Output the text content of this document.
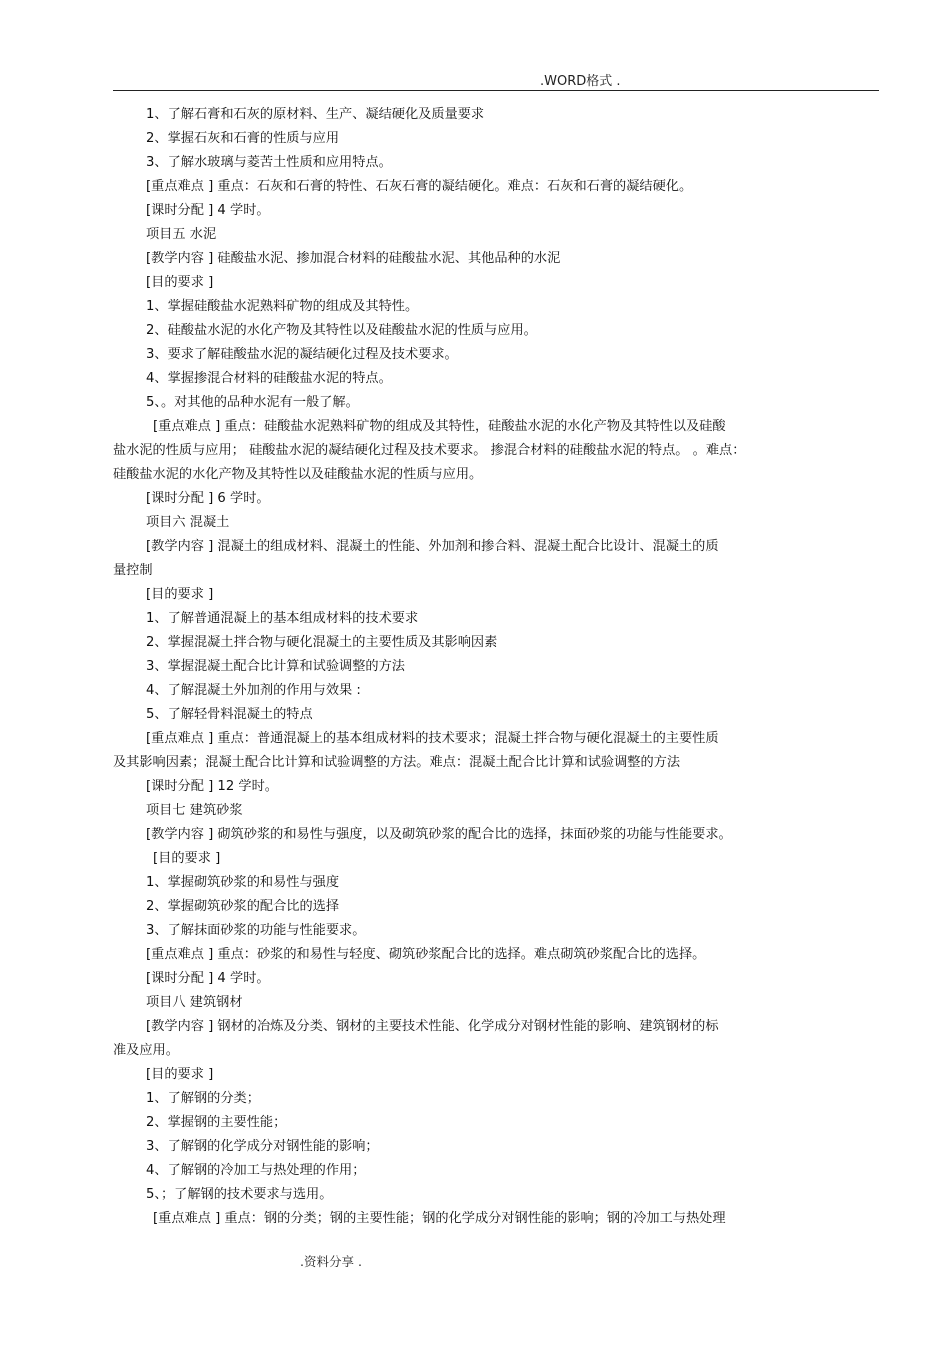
.WORD格式 .
1、了解石膏和石灰的原材料、生产、凝结硬化及质量要求
2、掌握石灰和石膏的性质与应用
3、了解水玻璃与菱苦土性质和应用特点。
[重点难点 ] 重点：石灰和石膏的特性、石灰石膏的凝结硬化。难点：石灰和石膏的凝结硬化。
[课时分配 ] 4 学时。
项目五 水泥
[教学内容 ] 硅酸盐水泥、掺加混合材料的硅酸盐水泥、其他品种的水泥
[目的要求 ]
1、掌握硅酸盐水泥熟料矿物的组成及其特性。
2、硅酸盐水泥的水化产物及其特性以及硅酸盐水泥的性质与应用。
3、要求了解硅酸盐水泥的凝结硬化过程及技术要求。
4、掌握掺混合材料的硅酸盐水泥的特点。
5、。对其他的品种水泥有一般了解。
[重点难点 ] 重点：硅酸盐水泥熟料矿物的组成及其特性，硅酸盐水泥的水化产物及其特性以及硅酸
盐水泥的性质与应用； 硅酸盐水泥的凝结硬化过程及技术要求。 掺混合材料的硅酸盐水泥的特点。 。难点：
硅酸盐水泥的水化产物及其特性以及硅酸盐水泥的性质与应用。
[课时分配 ] 6 学时。
项目六 混凝土
[教学内容 ] 混凝土的组成材料、混凝土的性能、外加剂和掺合料、混凝土配合比设计、混凝土的质
量控制
[目的要求 ]
1、了解普通混凝上的基本组成材料的技术要求
2、掌握混凝土拌合物与硬化混凝土的主要性质及其影响因素
3、掌握混凝土配合比计算和试验调整的方法
4、了解混凝土外加剂的作用与效果 :
5、了解轻骨料混凝土的特点
[重点难点 ] 重点：普通混凝上的基本组成材料的技术要求；混凝土拌合物与硬化混凝土的主要性质
及其影响因素；混凝土配合比计算和试验调整的方法。难点：混凝土配合比计算和试验调整的方法
[课时分配 ] 12 学时。
项目七 建筑砂浆
[教学内容 ] 砌筑砂浆的和易性与强度，以及砌筑砂浆的配合比的选择，抹面砂浆的功能与性能要求。
[目的要求 ]
1、掌握砌筑砂浆的和易性与强度
2、掌握砌筑砂浆的配合比的选择
3、了解抹面砂浆的功能与性能要求。
[重点难点 ] 重点：砂浆的和易性与轻度、砌筑砂浆配合比的选择。难点砌筑砂浆配合比的选择。
[课时分配 ] 4 学时。
项目八 建筑钢材
[教学内容 ] 钢材的冶炼及分类、钢材的主要技术性能、化学成分对钢材性能的影响、建筑钢材的标
准及应用。
[目的要求 ]
1、了解钢的分类；
2、掌握钢的主要性能；
3、了解钢的化学成分对钢性能的影响；
4、了解钢的冷加工与热处理的作用；
5、；了解钢的技术要求与选用。
[重点难点 ] 重点：钢的分类；钢的主要性能；钢的化学成分对钢性能的影响；钢的冷加工与热处理
.资料分享 .
